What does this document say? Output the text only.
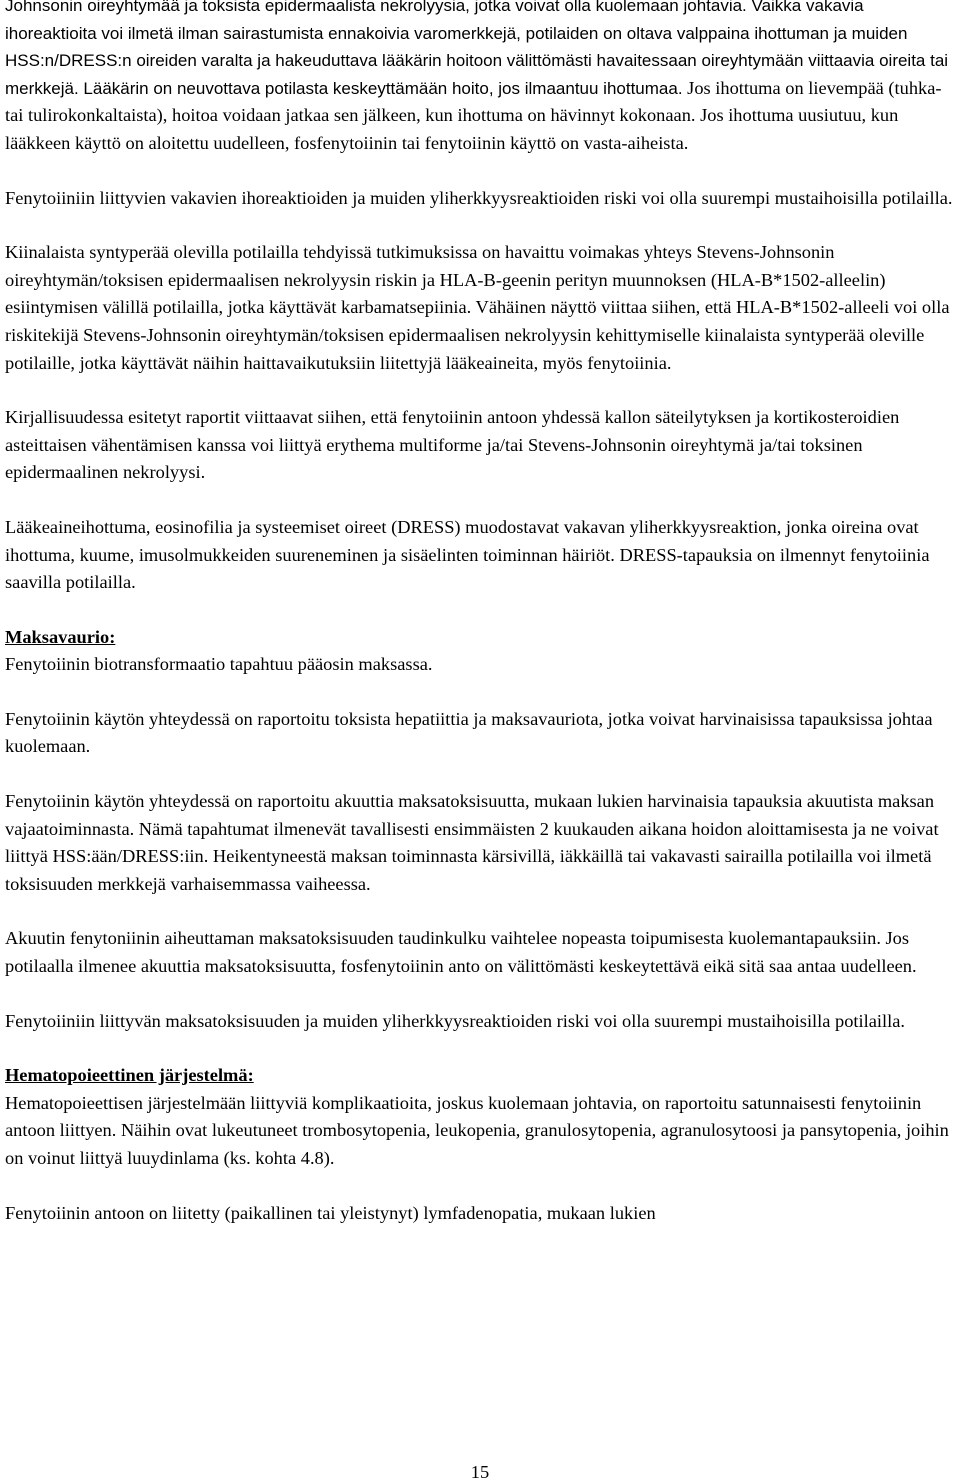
Johnsonin oireyhtymää ja toksista epidermaalista nekrolyysia, jotka voivat olla kuolemaan johtavia. Vaikka vakavia ihoreaktioita voi ilmetä ilman sairastumista ennakoivia varomerkkejä, potilaiden on oltava valppaina ihottuman ja muiden HSS:n/DRESS:n oireiden varalta ja hakeuduttava lääkärin hoitoon välittömästi havaitessaan oireyhtymään viittaavia oireita tai merkkejä. Lääkärin on neuvottava potilasta keskeyttämään hoito, jos ilmaantuu ihottumaa. Jos ihottuma on lievempää (tuhka- tai tulirokonkaltaista), hoitoa voidaan jatkaa sen jälkeen, kun ihottuma on hävinnyt kokonaan. Jos ihottuma uusiutuu, kun lääkkeen käyttö on aloitettu uudelleen, fosfenytoiinin tai fenytoiinin käyttö on vasta-aiheista.

Fenytoiiniin liittyvien vakavien ihoreaktioiden ja muiden yliherkkyysreaktioiden riski voi olla suurempi mustaihoisilla potilailla.

Kiinalaista syntyperää olevilla potilailla tehdyissä tutkimuksissa on havaittu voimakas yhteys Stevens-Johnsonin oireyhtymän/toksisen epidermaalisen nekrolyysin riskin ja HLA-B-geenin perityn muunnoksen (HLA-B*1502-alleelin) esiintymisen välillä potilailla, jotka käyttävät karbamatsepiinia. Vähäinen näyttö viittaa siihen, että HLA-B*1502-alleeli voi olla riskitekijä Stevens-Johnsonin oireyhtymän/toksisen epidermaalisen nekrolyysin kehittymiselle kiinalaista syntyperää oleville potilaille, jotka käyttävät näihin haittavaikutuksiin liitettyjä lääkeaineita, myös fenytoiinia.

Kirjallisuudessa esitetyt raportit viittaavat siihen, että fenytoiinin antoon yhdessä kallon säteilytyksen ja kortikosteroidien asteittaisen vähentämisen kanssa voi liittyä erythema multiforme ja/tai Stevens-Johnsonin oireyhtymä ja/tai toksinen epidermaalinen nekrolyysi.

Lääkeaineihottuma, eosinofilia ja systeemiset oireet (DRESS) muodostavat vakavan yliherkkyysreaktion, jonka oireina ovat ihottuma, kuume, imusolmukkeiden suureneminen ja sisäelinten toiminnan häiriöt. DRESS-tapauksia on ilmennyt fenytoiinia saavilla potilailla.

Maksavaurio:
Fenytoiinin biotransformaatio tapahtuu pääosin maksassa.

Fenytoiinin käytön yhteydessä on raportoitu toksista hepatiittia ja maksavauriota, jotka voivat harvinaisissa tapauksissa johtaa kuolemaan.

Fenytoiinin käytön yhteydessä on raportoitu akuuttia maksatoksisuutta, mukaan lukien harvinaisia tapauksia akuutista maksan vajaatoiminnasta. Nämä tapahtumat ilmenevät tavallisesti ensimmäisten 2 kuukauden aikana hoidon aloittamisesta ja ne voivat liittyä HSS:ään/DRESS:iin. Heikentyneestä maksan toiminnasta kärsivillä, iäkkäillä tai vakavasti sairailla potilailla voi ilmetä toksisuuden merkkejä varhaisemmassa vaiheessa.

Akuutin fenytoniinin aiheuttaman maksatoksisuuden taudinkulku vaihtelee nopeasta toipumisesta kuolemantapauksiin. Jos potilaalla ilmenee akuuttia maksatoksisuutta, fosfenytoiinin anto on välittömästi keskeytettävä eikä sitä saa antaa uudelleen.

Fenytoiiniin liittyvän maksatoksisuuden ja muiden yliherkkyysreaktioiden riski voi olla suurempi mustaihoisilla potilailla.

Hematopoieettinen järjestelmä:
Hematopoieettisen järjestelmään liittyviä komplikaatioita, joskus kuolemaan johtavia, on raportoitu satunnaisesti fenytoiinin antoon liittyen. Näihin ovat lukeutuneet trombosytopenia, leukopenia, granulosytopenia, agranulosytoosi ja pansytopenia, joihin on voinut liittyä luuydinlama (ks. kohta 4.8).

Fenytoiinin antoon on liitetty (paikallinen tai yleistynyt) lymfadenopatia, mukaan lukien

15
